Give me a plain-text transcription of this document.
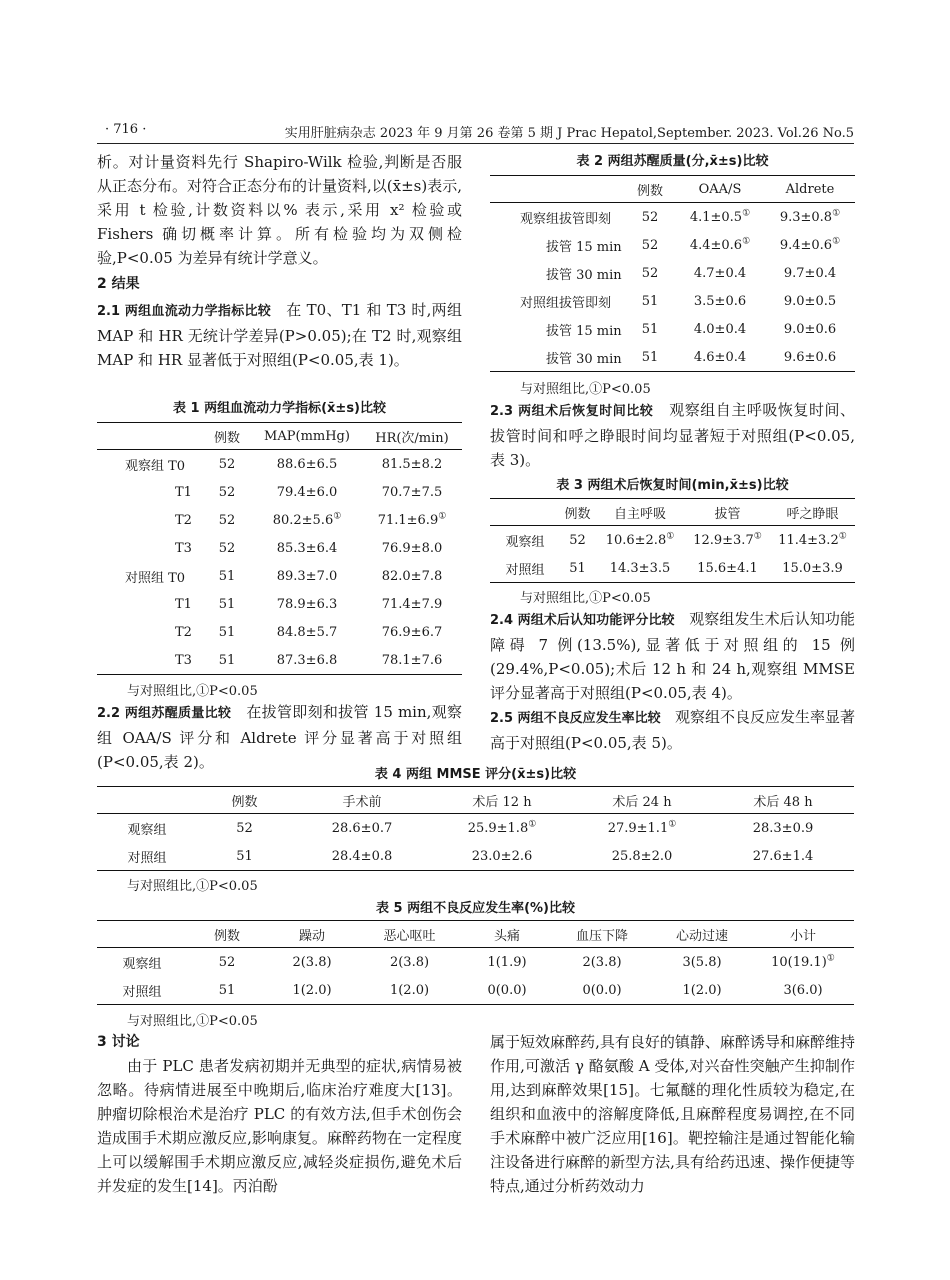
· 716 ·	实用肝脏病杂志 2023 年 9 月第 26 卷第 5 期 J Prac Hepatol,September. 2023. Vol.26 No.5

析。对计量资料先行 Shapiro-Wilk 检验,判断是否服从正态分布。对符合正态分布的计量资料,以(x̄±s)表示,采用 t 检验,计数资料以% 表示,采用 x² 检验或 Fishers 确切概率计算。所有检验均为双侧检验,P<0.05 为差异有统计学意义。

2 结果

2.1 两组血流动力学指标比较 在 T0、T1 和 T3 时,两组 MAP 和 HR 无统计学差异(P>0.05);在 T2 时,观察组 MAP 和 HR 显著低于对照组(P<0.05,表 1)。

表 1 两组血流动力学指标(x̄±s)比较
	例数	MAP(mmHg)	HR(次/min)
观察组 T0	52	88.6±6.5	81.5±8.2
T1	52	79.4±6.0	70.7±7.5
T2	52	80.2±5.6①	71.1±6.9①
T3	52	85.3±6.4	76.9±8.0
对照组 T0	51	89.3±7.0	82.0±7.8
T1	51	78.9±6.3	71.4±7.9
T2	51	84.8±5.7	76.9±6.7
T3	51	87.3±6.8	78.1±7.6
与对照组比,①P<0.05

2.2 两组苏醒质量比较 在拔管即刻和拔管 15 min,观察组 OAA/S 评分和 Aldrete 评分显著高于对照组(P<0.05,表 2)。

表 2 两组苏醒质量(分,x̄±s)比较
	例数	OAA/S	Aldrete
观察组拔管即刻	52	4.1±0.5①	9.3±0.8①
拔管 15 min	52	4.4±0.6①	9.4±0.6①
拔管 30 min	52	4.7±0.4	9.7±0.4
对照组拔管即刻	51	3.5±0.6	9.0±0.5
拔管 15 min	51	4.0±0.4	9.0±0.6
拔管 30 min	51	4.6±0.4	9.6±0.6
与对照组比,①P<0.05

2.3 两组术后恢复时间比较 观察组自主呼吸恢复时间、拔管时间和呼之睁眼时间均显著短于对照组(P<0.05,表 3)。

表 3 两组术后恢复时间(min,x̄±s)比较
	例数	自主呼吸	拔管	呼之睁眼
观察组	52	10.6±2.8①	12.9±3.7①	11.4±3.2①
对照组	51	14.3±3.5	15.6±4.1	15.0±3.9
与对照组比,①P<0.05

2.4 两组术后认知功能评分比较 观察组发生术后认知功能障碍 7 例(13.5%),显著低于对照组的 15 例(29.4%,P<0.05);术后 12 h 和 24 h,观察组 MMSE 评分显著高于对照组(P<0.05,表 4)。

2.5 两组不良反应发生率比较 观察组不良反应发生率显著高于对照组(P<0.05,表 5)。

表 4 两组 MMSE 评分(x̄±s)比较
	例数	手术前	术后 12 h	术后 24 h	术后 48 h
观察组	52	28.6±0.7	25.9±1.8①	27.9±1.1①	28.3±0.9
对照组	51	28.4±0.8	23.0±2.6	25.8±2.0	27.6±1.4
与对照组比,①P<0.05
表 5 两组不良反应发生率(%)比较
	例数	躁动	恶心呕吐	头痛	血压下降	心动过速	小计
观察组	52	2(3.8)	2(3.8)	1(1.9)	2(3.8)	3(5.8)	10(19.1)①
对照组	51	1(2.0)	1(2.0)	0(0.0)	0(0.0)	1(2.0)	3(6.0)
与对照组比,①P<0.05

3 讨论

由于 PLC 患者发病初期并无典型的症状,病情易被忽略。待病情进展至中晚期后,临床治疗难度大[13]。肿瘤切除根治术是治疗 PLC 的有效方法,但手术创伤会造成围手术期应激反应,影响康复。麻醉药物在一定程度上可以缓解围手术期应激反应,减轻炎症损伤,避免术后并发症的发生[14]。丙泊酚

属于短效麻醉药,具有良好的镇静、麻醉诱导和麻醉维持作用,可激活 γ 酪氨酸 A 受体,对兴奋性突触产生抑制作用,达到麻醉效果[15]。七氟醚的理化性质较为稳定,在组织和血液中的溶解度降低,且麻醉程度易调控,在不同手术麻醉中被广泛应用[16]。靶控输注是通过智能化输注设备进行麻醉的新型方法,具有给药迅速、操作便捷等特点,通过分析药效动力
